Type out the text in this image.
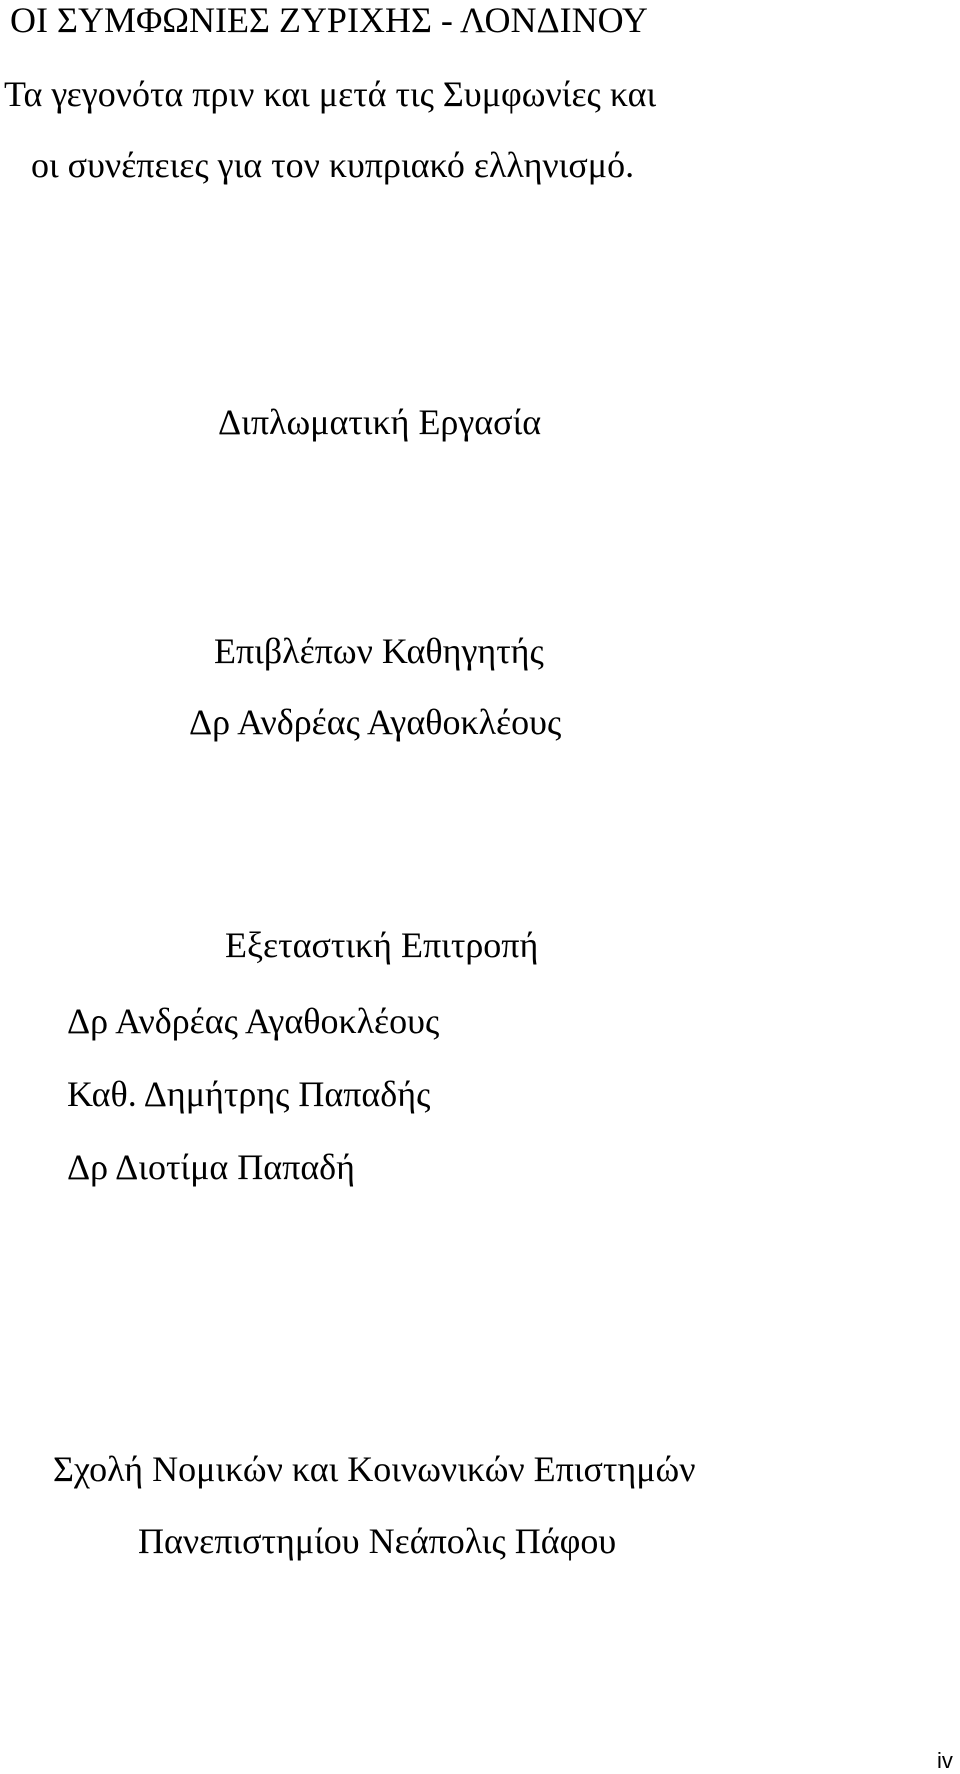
ΟΙ ΣΥΜΦΩΝΙΕΣ ΖΥΡΙΧΗΣ - ΛΟΝΔΙΝΟΥ
Τα γεγονότα πριν και μετά τις Συμφωνίες και
οι συνέπειες για τον κυπριακό ελληνισμό.
Διπλωματική Εργασία
Επιβλέπων Καθηγητής
Δρ Ανδρέας Αγαθοκλέους
Εξεταστική Επιτροπή
Δρ Ανδρέας Αγαθοκλέους
Καθ. Δημήτρης Παπαδής
Δρ Διοτίμα Παπαδή
Σχολή Νομικών και Κοινωνικών Επιστημών
Πανεπιστημίου Νεάπολις Πάφου
iv
